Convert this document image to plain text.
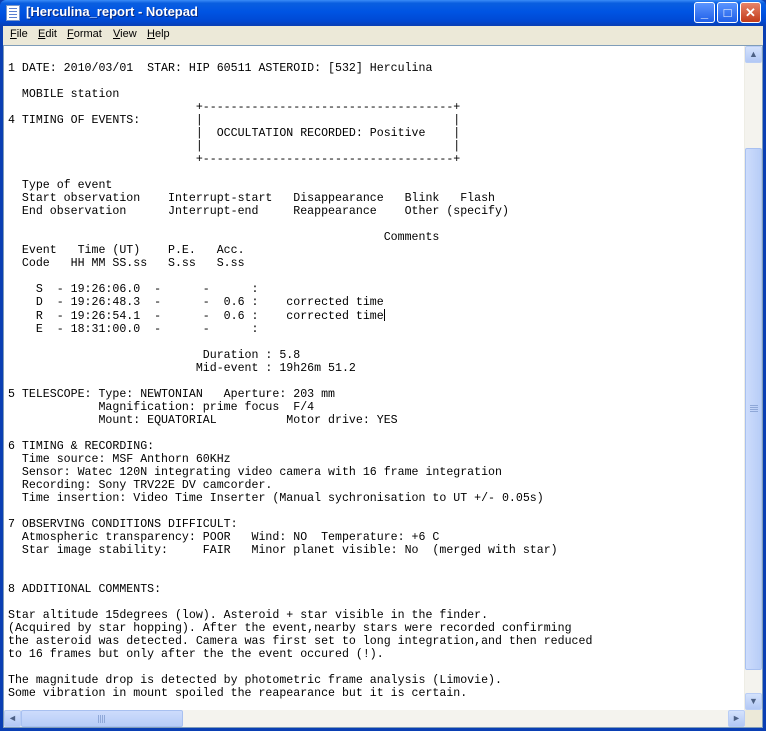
[Herculina_report - Notepad	_	□	✕
File Edit Format View Help
1 DATE: 2010/03/01  STAR: HIP 60511 ASTEROID: [532] Herculina

MOBILE station
+------------------------------------+
4 TIMING OF EVENTS:        |                                    |
|  OCCULTATION RECORDED: Positive    |
|                                    |
+------------------------------------+

Type of event
Start observation    Interrupt-start   Disappearance   Blink   Flash
End observation      Jnterrupt-end     Reappearance    Other (specify)

Comments
Event   Time (UT)    P.E.   Acc.
Code   HH MM SS.ss   S.ss   S.ss

S  - 19:26:06.0  -      -      :
D  - 19:26:48.3  -      -  0.6 :    corrected time
R  - 19:26:54.1  -      -  0.6 :    corrected time
E  - 18:31:00.0  -      -      :

Duration : 5.8
Mid-event : 19h26m 51.2

5 TELESCOPE: Type: NEWTONIAN   Aperture: 203 mm
Magnification: prime focus  F/4
Mount: EQUATORIAL          Motor drive: YES

6 TIMING & RECORDING:
Time source: MSF Anthorn 60KHz
Sensor: Watec 120N integrating video camera with 16 frame integration
Recording: Sony TRV22E DV camcorder.
Time insertion: Video Time Inserter (Manual sychronisation to UT +/- 0.05s)

7 OBSERVING CONDITIONS DIFFICULT:
Atmospheric transparency: POOR   Wind: NO  Temperature: +6 C
Star image stability:     FAIR   Minor planet visible: No  (merged with star)

8 ADDITIONAL COMMENTS:

Star altitude 15degrees (low). Asteroid + star visible in the finder.
(Acquired by star hopping). After the event,nearby stars were recorded confirming
the asteroid was detected. Camera was first set to long integration,and then reduced
to 16 frames but only after the the event occured (!).

The magnitude drop is detected by photometric frame analysis (Limovie).
Some vibration in mount spoiled the reapearance but it is certain.
▲
▼
◄	►
